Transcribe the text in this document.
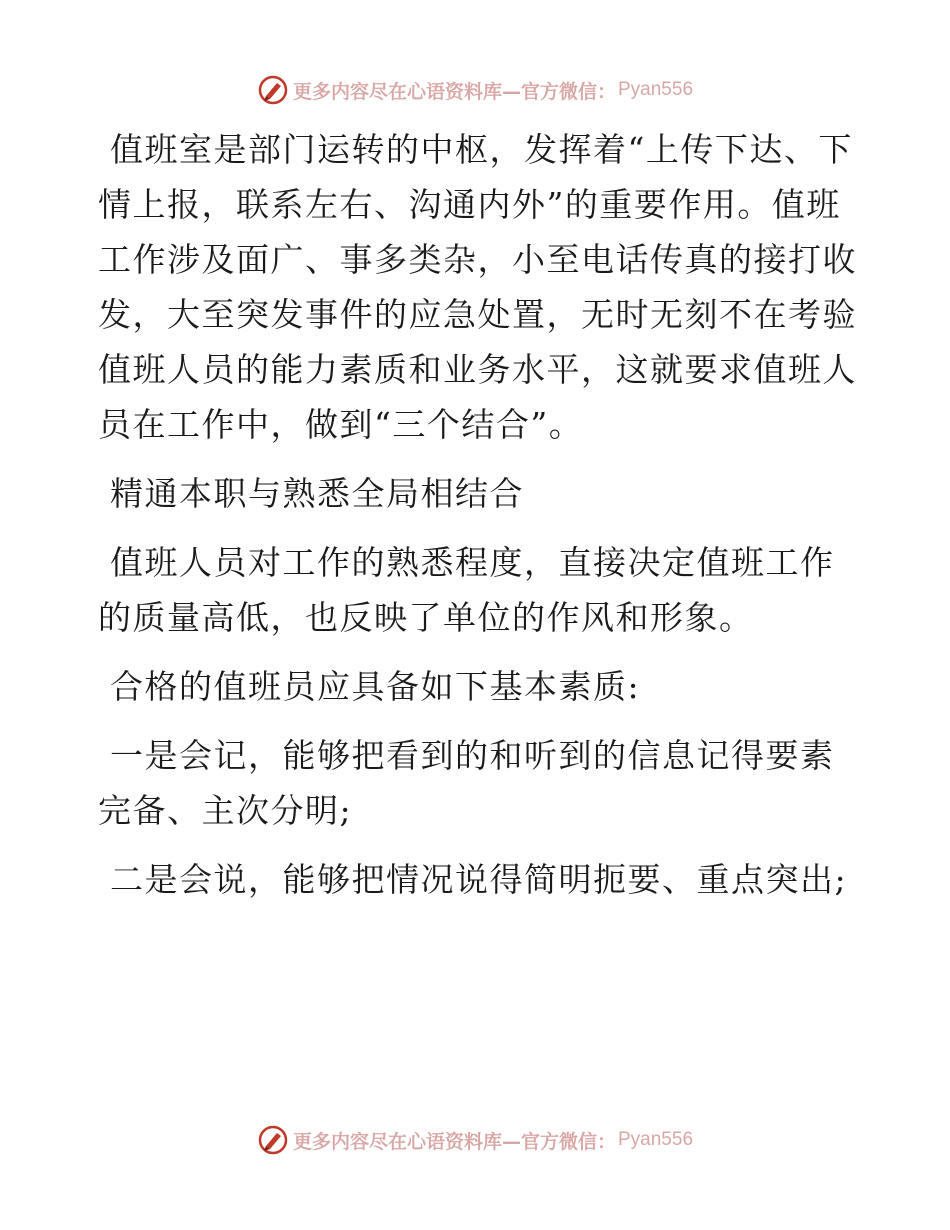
更多内容尽在心语资料库—官方微信： Pyan556

值班室是部门运转的中枢，发挥着“上传下达、下情上报，联系左右、沟通内外”的重要作用。值班工作涉及面广、事多类杂，小至电话传真的接打收发，大至突发事件的应急处置，无时无刻不在考验值班人员的能力素质和业务水平，这就要求值班人员在工作中，做到“三个结合”。

精通本职与熟悉全局相结合

值班人员对工作的熟悉程度，直接决定值班工作的质量高低，也反映了单位的作风和形象。

合格的值班员应具备如下基本素质:

一是会记，能够把看到的和听到的信息记得要素完备、主次分明;

二是会说，能够把情况说得简明扼要、重点突出;

更多内容尽在心语资料库—官方微信： Pyan556
